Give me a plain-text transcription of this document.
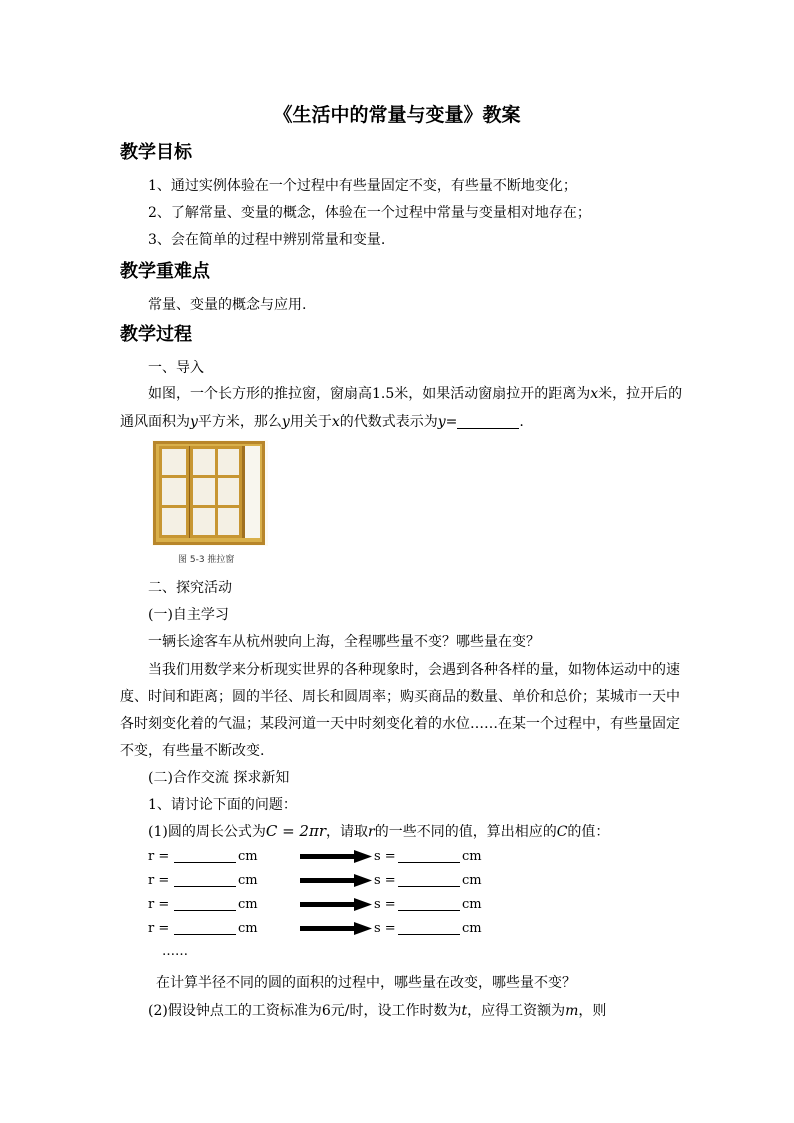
《生活中的常量与变量》教案
教学目标
1、通过实例体验在一个过程中有些量固定不变，有些量不断地变化；
2、了解常量、变量的概念，体验在一个过程中常量与变量相对地存在；
3、会在简单的过程中辨别常量和变量.
教学重难点
常量、变量的概念与应用.
教学过程
一、导入
如图，一个长方形的推拉窗，窗扇高1.5米，如果活动窗扇拉开的距离为x米，拉开后的
通风面积为y平方米，那么y用关于x的代数式表示为y=	.
图 5-3 推拉窗
二、探究活动
(一)自主学习
一辆长途客车从杭州驶向上海，全程哪些量不变？哪些量在变？
当我们用数学来分析现实世界的各种现象时，会遇到各种各样的量，如物体运动中的速
度、时间和距离；圆的半径、周长和圆周率；购买商品的数量、单价和总价；某城市一天中
各时刻变化着的气温；某段河道一天中时刻变化着的水位……在某一个过程中，有些量固定
不变，有些量不断改变.
(二)合作交流 探求新知
1、请讨论下面的问题：
(1)圆的周长公式为C = 2πr，请取r的一些不同的值，算出相应的C的值：
r =	cm	s =	cm
r =	cm	s =	cm
r =	cm	s =	cm
r =	cm	s =	cm
……
在计算半径不同的圆的面积的过程中，哪些量在改变，哪些量不变？
(2)假设钟点工的工资标准为6元/时，设工作时数为t，应得工资额为m，则
